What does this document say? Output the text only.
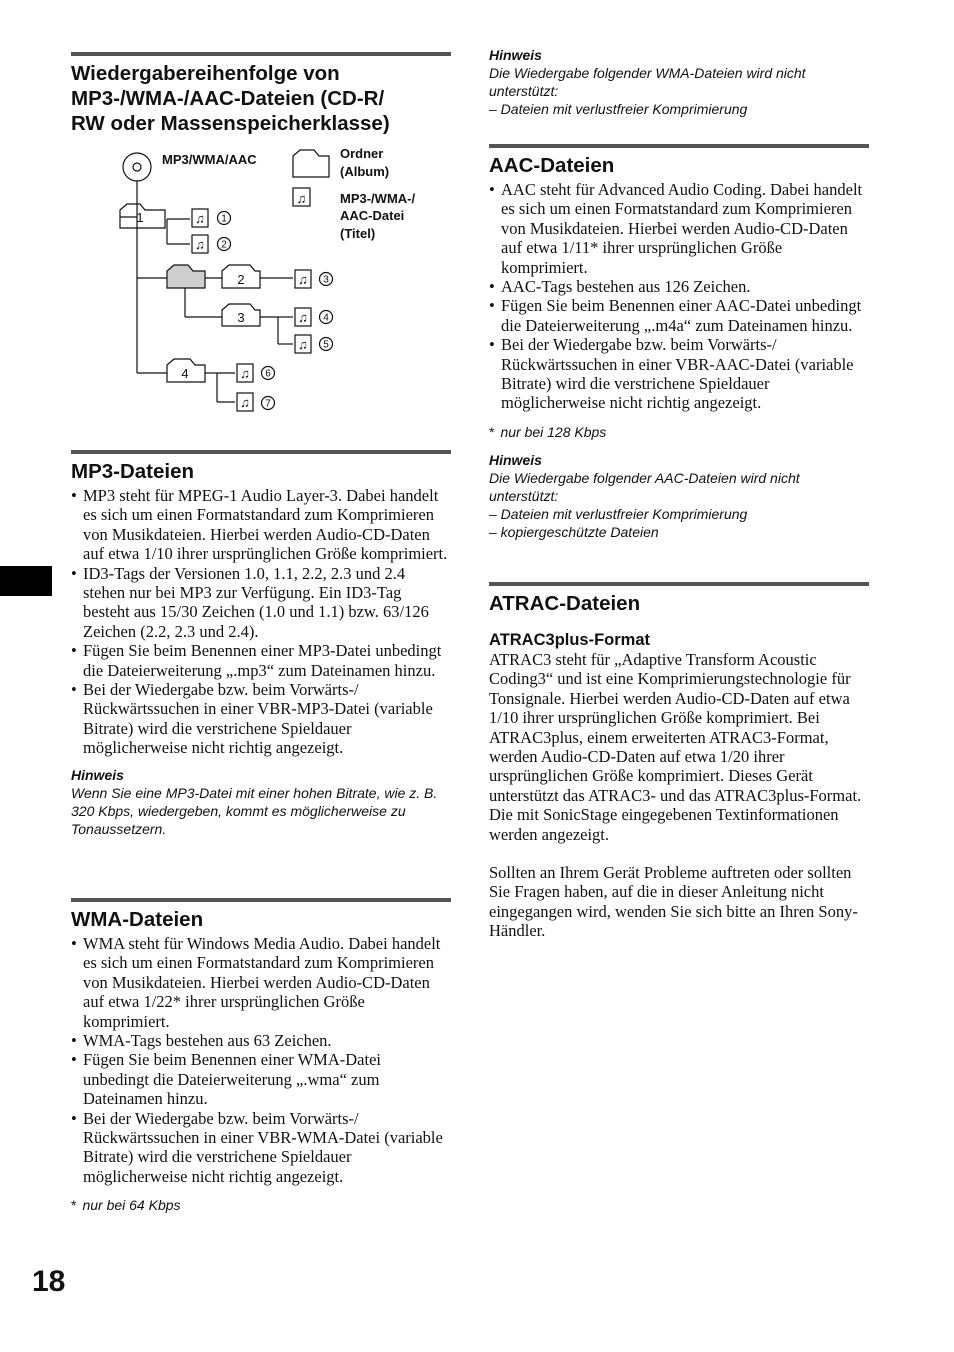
Wiedergabereihenfolge von
MP3-/WMA-/AAC-Dateien (CD-R/
RW oder Massenspeicherklasse)
♫
♫
♫
♫
♫
♫
♫
♫
MP3/WMA/AAC	Ordner
(Album)
MP3-/WMA-/
AAC-Datei
(Titel)
1
2
3
4
1
2
3
4
5
6
7
MP3-Dateien
• MP3 steht für MPEG-1 Audio Layer-3. Dabei handelt es sich um einen Formatstandard zum Komprimieren von Musikdateien. Hierbei werden Audio-CD-Daten auf etwa 1/10 ihrer ursprünglichen Größe komprimiert.
• ID3-Tags der Versionen 1.0, 1.1, 2.2, 2.3 und 2.4 stehen nur bei MP3 zur Verfügung. Ein ID3-Tag besteht aus 15/30 Zeichen (1.0 und 1.1) bzw. 63/126 Zeichen (2.2, 2.3 und 2.4).
• Fügen Sie beim Benennen einer MP3-Datei unbedingt die Dateierweiterung „.mp3“ zum Dateinamen hinzu.
• Bei der Wiedergabe bzw. beim Vorwärts-/ Rückwärtssuchen in einer VBR-MP3-Datei (variable Bitrate) wird die verstrichene Spieldauer möglicherweise nicht richtig angezeigt.
Hinweis
Wenn Sie eine MP3-Datei mit einer hohen Bitrate, wie z. B. 320 Kbps, wiedergeben, kommt es möglicherweise zu Tonaussetzern.
WMA-Dateien
• WMA steht für Windows Media Audio. Dabei handelt es sich um einen Formatstandard zum Komprimieren von Musikdateien. Hierbei werden Audio-CD-Daten auf etwa 1/22* ihrer ursprünglichen Größe komprimiert.
• WMA-Tags bestehen aus 63 Zeichen.
• Fügen Sie beim Benennen einer WMA-Datei unbedingt die Dateierweiterung „.wma“ zum Dateinamen hinzu.
• Bei der Wiedergabe bzw. beim Vorwärts-/ Rückwärtssuchen in einer VBR-WMA-Datei (variable Bitrate) wird die verstrichene Spieldauer möglicherweise nicht richtig angezeigt.
* nur bei 64 Kbps
Hinweis
Die Wiedergabe folgender WMA-Dateien wird nicht unterstützt:
– Dateien mit verlustfreier Komprimierung
AAC-Dateien
• AAC steht für Advanced Audio Coding. Dabei handelt es sich um einen Formatstandard zum Komprimieren von Musikdateien. Hierbei werden Audio-CD-Daten auf etwa 1/11* ihrer ursprünglichen Größe komprimiert.
• AAC-Tags bestehen aus 126 Zeichen.
• Fügen Sie beim Benennen einer AAC-Datei unbedingt die Dateierweiterung „.m4a“ zum Dateinamen hinzu.
• Bei der Wiedergabe bzw. beim Vorwärts-/ Rückwärtssuchen in einer VBR-AAC-Datei (variable Bitrate) wird die verstrichene Spieldauer möglicherweise nicht richtig angezeigt.
* nur bei 128 Kbps
Hinweis
Die Wiedergabe folgender AAC-Dateien wird nicht unterstützt:
– Dateien mit verlustfreier Komprimierung
– kopiergeschützte Dateien
ATRAC-Dateien
ATRAC3plus-Format

ATRAC3 steht für „Adaptive Transform Acoustic Coding3“ und ist eine Komprimierungstechnologie für Tonsignale. Hierbei werden Audio-CD-Daten auf etwa 1/10 ihrer ursprünglichen Größe komprimiert. Bei ATRAC3plus, einem erweiterten ATRAC3-Format, werden Audio-CD-Daten auf etwa 1/20 ihrer ursprünglichen Größe komprimiert. Dieses Gerät unterstützt das ATRAC3- und das ATRAC3plus-Format.

Die mit SonicStage eingegebenen Textinformationen werden angezeigt.

Sollten an Ihrem Gerät Probleme auftreten oder sollten Sie Fragen haben, auf die in dieser Anleitung nicht eingegangen wird, wenden Sie sich bitte an Ihren Sony-Händler.

18
